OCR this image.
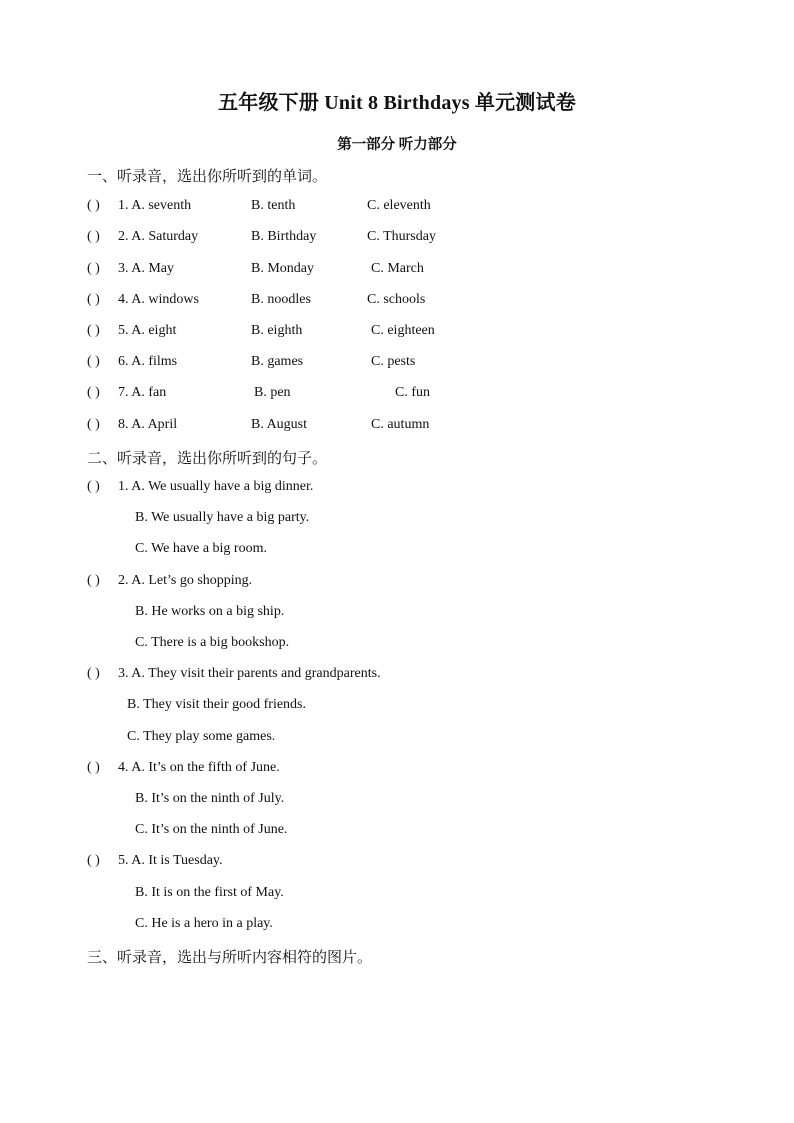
五年级下册 Unit 8 Birthdays 单元测试卷
第一部分 听力部分
一、听录音，选出你所听到的单词。
( ) 1. A. seventh	B. tenth	C. eleventh
( ) 2. A. Saturday	B. Birthday	C. Thursday
( ) 3. A. May	B. Monday	C. March
( ) 4. A. windows	B. noodles	C. schools
( ) 5. A. eight	B. eighth	C. eighteen
( ) 6. A. films	B. games	C. pests
( ) 7. A. fan	B. pen	C. fun
( ) 8. A. April	B. August	C. autumn
二、听录音，选出你所听到的句子。
( ) 1. A. We usually have a big dinner.
B. We usually have a big party.
C. We have a big room.
( ) 2. A. Let’s go shopping.
B. He works on a big ship.
C. There is a big bookshop.
( ) 3. A. They visit their parents and grandparents.
B. They visit their good friends.
C. They play some games.
( ) 4. A. It’s on the fifth of June.
B. It’s on the ninth of July.
C. It’s on the ninth of June.
( ) 5. A. It is Tuesday.
B. It is on the first of May.
C. He is a hero in a play.
三、听录音，选出与所听内容相符的图片。
